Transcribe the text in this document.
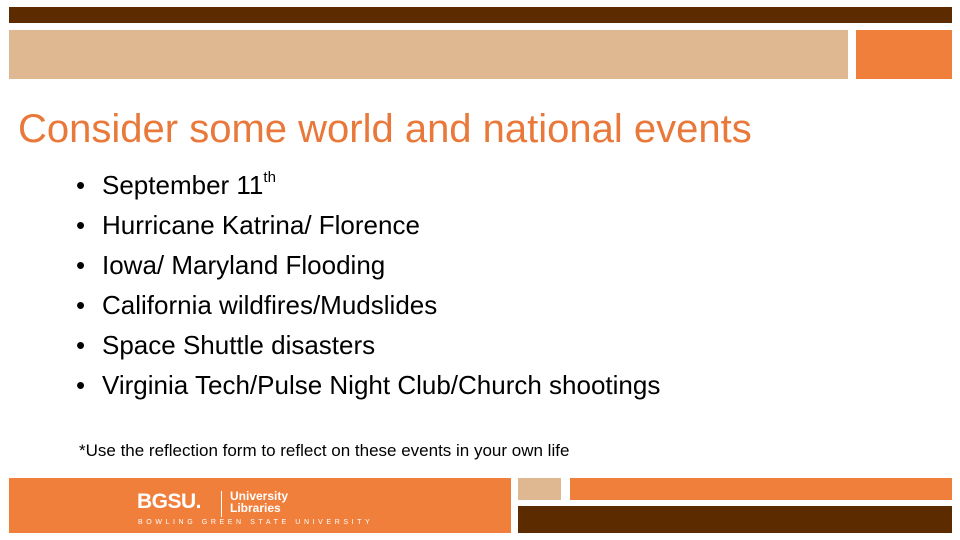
Consider some world and national events
• September 11th
• Hurricane Katrina/ Florence
• Iowa/ Maryland Flooding
• California wildfires/Mudslides
• Space Shuttle disasters
• Virginia Tech/Pulse Night Club/Church shootings
*Use the reflection form to reflect on these events in your own life
BGSU. University
Libraries
BOWLING GREEN STATE UNIVERSITY
